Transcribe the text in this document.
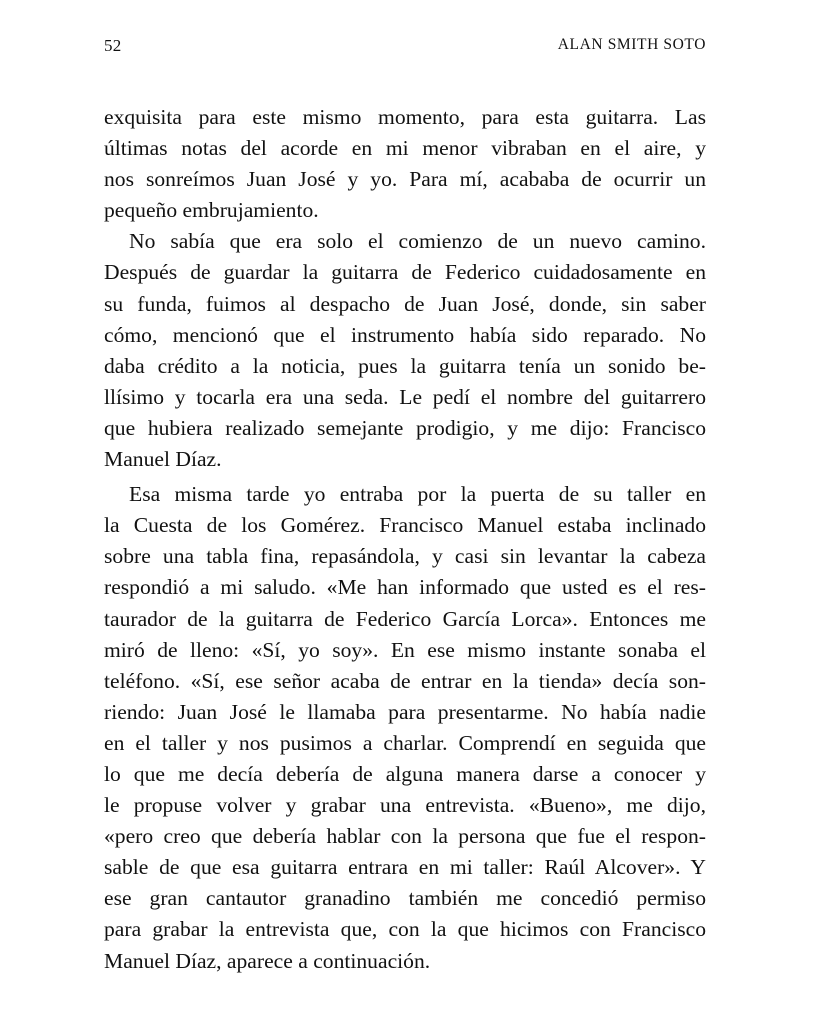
52	ALAN SMITH SOTO
exquisita para este mismo momento, para esta guitarra. Las
últimas notas del acorde en mi menor vibraban en el aire, y
nos sonreímos Juan José y yo. Para mí, acababa de ocurrir un
pequeño embrujamiento.
No sabía que era solo el comienzo de un nuevo camino.
Después de guardar la guitarra de Federico cuidadosamente en
su funda, fuimos al despacho de Juan José, donde, sin saber
cómo, mencionó que el instrumento había sido reparado. No
daba crédito a la noticia, pues la guitarra tenía un sonido be-
llísimo y tocarla era una seda. Le pedí el nombre del guitarrero
que hubiera realizado semejante prodigio, y me dijo: Francisco
Manuel Díaz.
Esa misma tarde yo entraba por la puerta de su taller en
la Cuesta de los Gomérez. Francisco Manuel estaba inclinado
sobre una tabla fina, repasándola, y casi sin levantar la cabeza
respondió a mi saludo. «Me han informado que usted es el res-
taurador de la guitarra de Federico García Lorca». Entonces me
miró de lleno: «Sí, yo soy». En ese mismo instante sonaba el
teléfono. «Sí, ese señor acaba de entrar en la tienda» decía son-
riendo: Juan José le llamaba para presentarme. No había nadie
en el taller y nos pusimos a charlar. Comprendí en seguida que
lo que me decía debería de alguna manera darse a conocer y
le propuse volver y grabar una entrevista. «Bueno», me dijo,
«pero creo que debería hablar con la persona que fue el respon-
sable de que esa guitarra entrara en mi taller: Raúl Alcover». Y
ese gran cantautor granadino también me concedió permiso
para grabar la entrevista que, con la que hicimos con Francisco
Manuel Díaz, aparece a continuación.
